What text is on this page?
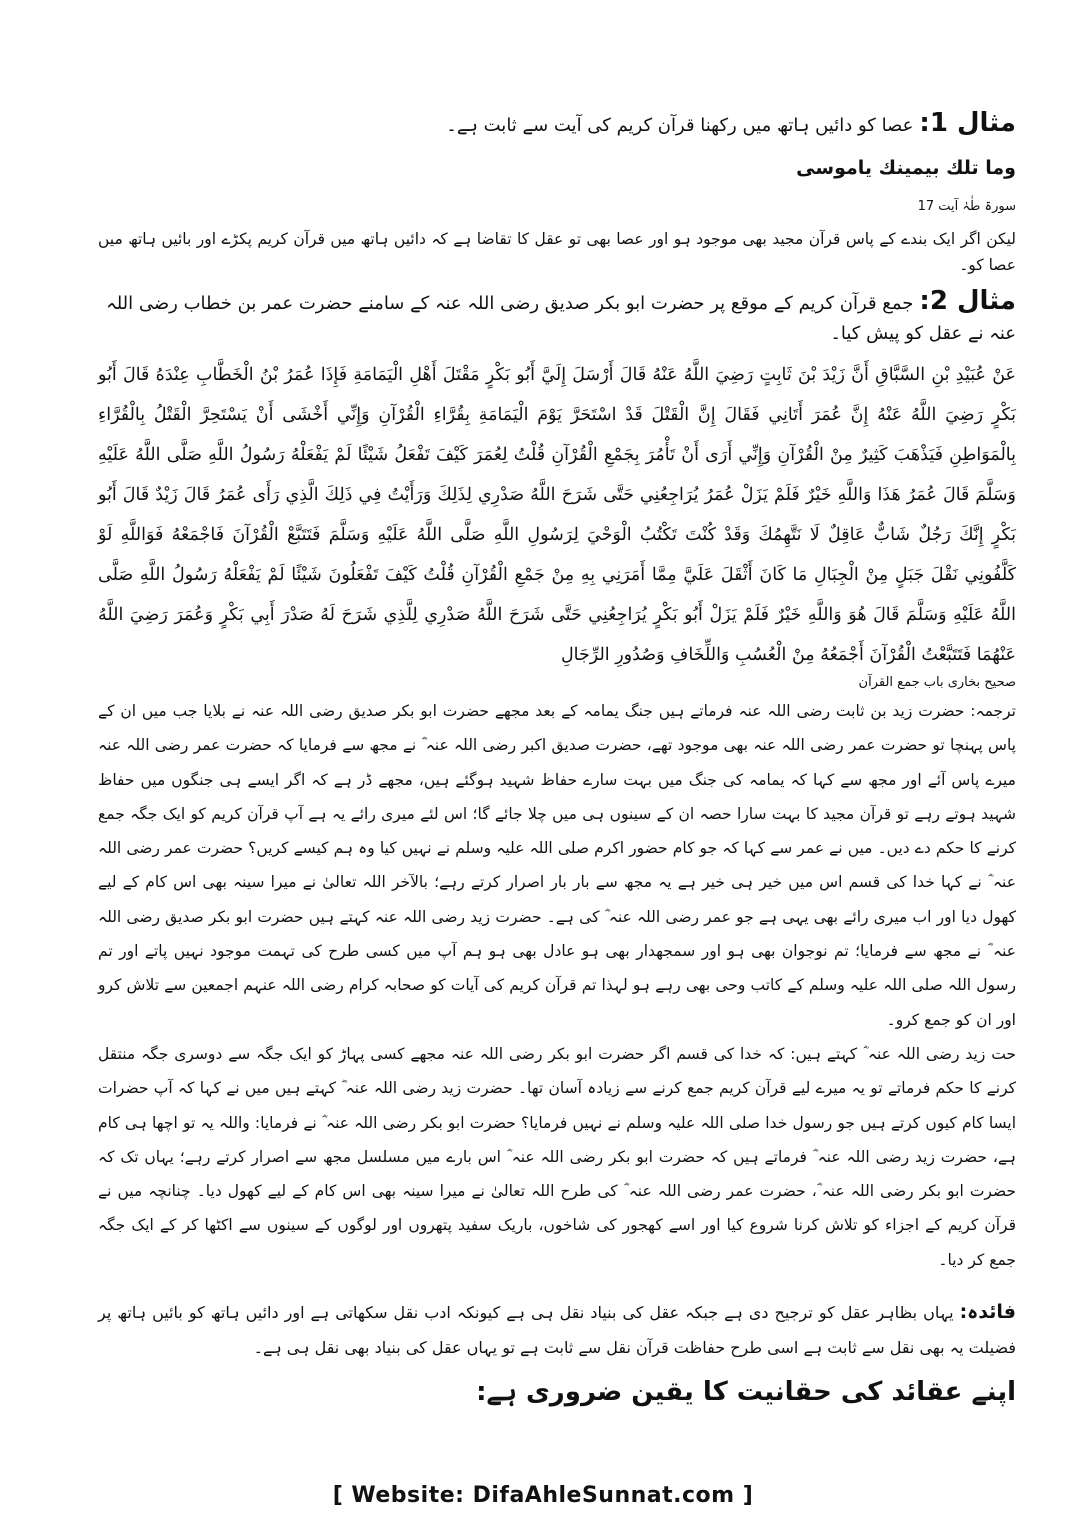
مثال 1:عصا کو دائیں ہاتھ میں رکھنا قرآن کریم کی آیت سے ثابت ہے۔

وما تلك بيمينك ياموسى

سورۃ طٰہٰ آیت 17

لیکن اگر ایک بندے کے پاس قرآن مجید بھی موجود ہو اور عصا بھی تو عقل کا تقاضا ہے کہ دائیں ہاتھ میں قرآن کریم پکڑے اور بائیں ہاتھ میں عصا کو۔

مثال 2:جمع قرآن کریم کے موقع پر حضرت ابو بکر صدیق رضی اللہ عنہ کے سامنے حضرت عمر بن خطاب رضی اللہ عنہ نے عقل کو پیش کیا۔

عَنْ عُبَيْدِ بْنِ السَّبَّاقِ أَنَّ زَيْدَ بْنَ ثَابِتٍ رَضِيَ اللَّهُ عَنْهُ قَالَ أَرْسَلَ إِلَيَّ أَبُو بَكْرٍ مَقْتَلَ أَهْلِ الْيَمَامَةِ فَإِذَا عُمَرُ بْنُ الْخَطَّابِ عِنْدَهُ قَالَ أَبُو بَكْرٍ رَضِيَ اللَّهُ عَنْهُ إِنَّ عُمَرَ أَتَانِي فَقَالَ إِنَّ الْقَتْلَ قَدْ اسْتَحَرَّ يَوْمَ الْيَمَامَةِ بِقُرَّاءِ الْقُرْآنِ وَإِنِّي أَخْشَى أَنْ يَسْتَحِرَّ الْقَتْلُ بِالْقُرَّاءِ بِالْمَوَاطِنِ فَيَذْهَبَ كَثِيرٌ مِنْ الْقُرْآنِ وَإِنِّي أَرَى أَنْ تَأْمُرَ بِجَمْعِ الْقُرْآنِ قُلْتُ لِعُمَرَ كَيْفَ تَفْعَلُ شَيْئًا لَمْ يَفْعَلْهُ رَسُولُ اللَّهِ صَلَّى اللَّهُ عَلَيْهِ وَسَلَّمَ قَالَ عُمَرُ هَذَا وَاللَّهِ خَيْرٌ فَلَمْ يَزَلْ عُمَرُ يُرَاجِعُنِي حَتَّى شَرَحَ اللَّهُ صَدْرِي لِذَلِكَ وَرَأَيْتُ فِي ذَلِكَ الَّذِي رَأَى عُمَرُ قَالَ زَيْدٌ قَالَ أَبُو بَكْرٍ إِنَّكَ رَجُلٌ شَابٌّ عَاقِلٌ لَا نَتَّهِمُكَ وَقَدْ كُنْتَ تَكْتُبُ الْوَحْيَ لِرَسُولِ اللَّهِ صَلَّى اللَّهُ عَلَيْهِ وَسَلَّمَ فَتَتَبَّعْ الْقُرْآنَ فَاجْمَعْهُ فَوَاللَّهِ لَوْ كَلَّفُونِي نَقْلَ جَبَلٍ مِنْ الْجِبَالِ مَا كَانَ أَثْقَلَ عَلَيَّ مِمَّا أَمَرَنِي بِهِ مِنْ جَمْعِ الْقُرْآنِ قُلْتُ كَيْفَ تَفْعَلُونَ شَيْئًا لَمْ يَفْعَلْهُ رَسُولُ اللَّهِ صَلَّى اللَّهُ عَلَيْهِ وَسَلَّمَ قَالَ هُوَ وَاللَّهِ خَيْرٌ فَلَمْ يَزَلْ أَبُو بَكْرٍ يُرَاجِعُنِي حَتَّى شَرَحَ اللَّهُ صَدْرِي لِلَّذِي شَرَحَ لَهُ صَدْرَ أَبِي بَكْرٍ وَعُمَرَ رَضِيَ اللَّهُ عَنْهُمَا فَتَتَبَّعْتُ الْقُرْآنَ أَجْمَعُهُ مِنْ الْعُسُبِ وَاللِّخَافِ وَصُدُورِ الرِّجَالِ

صحیح بخاری باب جمع القرآن

ترجمہ: حضرت زید بن ثابت رضی اللہ عنہ فرماتے ہیں جنگ یمامہ کے بعد مجھے حضرت ابو بکر صدیق رضی اللہ عنہ نے بلایا جب میں ان کے پاس پہنچا تو حضرت عمر رضی اللہ عنہ بھی موجود تھے، حضرت صدیق اکبر رضی اللہ عنہ ؓ نے مجھ سے فرمایا کہ حضرت عمر رضی اللہ عنہ میرے پاس آئے اور مجھ سے کہا کہ یمامہ کی جنگ میں بہت سارے حفاظ شہید ہوگئے ہیں، مجھے ڈر ہے کہ اگر ایسے ہی جنگوں میں حفاظ شہید ہوتے رہے تو قرآن مجید کا بہت سارا حصہ ان کے سینوں ہی میں چلا جائے گا؛ اس لئے میری رائے یہ ہے آپ قرآن کریم کو ایک جگہ جمع کرنے کا حکم دے دیں۔ میں نے عمر سے کہا کہ جو کام حضور اکرم صلی اللہ علیہ وسلم نے نہیں کیا وہ ہم کیسے کریں؟ حضرت عمر رضی اللہ عنہ ؓ نے کہا خدا کی قسم اس میں خیر ہی خیر ہے یہ مجھ سے بار بار اصرار کرتے رہے؛ بالآخر اللہ تعالیٰ نے میرا سینہ بھی اس کام کے لیے کھول دیا اور اب میری رائے بھی یہی ہے جو عمر رضی اللہ عنہ ؓ کی ہے۔ حضرت زید رضی اللہ عنہ کہتے ہیں حضرت ابو بکر صدیق رضی اللہ عنہ ؓ نے مجھ سے فرمایا؛ تم نوجوان بھی ہو اور سمجھدار بھی ہو عادل بھی ہو ہم آپ میں کسی طرح کی تہمت موجود نہیں پاتے اور تم رسول اللہ صلی اللہ علیہ وسلم کے کاتب وحی بھی رہے ہو لہذا تم قرآن کریم کی آیات کو صحابہ کرام رضی اللہ عنہم اجمعین سے تلاش کرو اور ان کو جمع کرو۔

حت زید رضی اللہ عنہ ؓ کہتے ہیں: کہ خدا کی قسم اگر حضرت ابو بکر رضی اللہ عنہ مجھے کسی پہاڑ کو ایک جگہ سے دوسری جگہ منتقل کرنے کا حکم فرماتے تو یہ میرے لیے قرآن کریم جمع کرنے سے زیادہ آسان تھا۔ حضرت زید رضی اللہ عنہ ؓ کہتے ہیں میں نے کہا کہ آپ حضرات ایسا کام کیوں کرتے ہیں جو رسول خدا صلی اللہ علیہ وسلم نے نہیں فرمایا؟ حضرت ابو بکر رضی اللہ عنہ ؓ نے فرمایا: واللہ یہ تو اچھا ہی کام ہے، حضرت زید رضی اللہ عنہ ؓ فرماتے ہیں کہ حضرت ابو بکر رضی اللہ عنہ ؓ اس بارے میں مسلسل مجھ سے اصرار کرتے رہے؛ یہاں تک کہ حضرت ابو بکر رضی اللہ عنہ ؓ، حضرت عمر رضی اللہ عنہ ؓ کی طرح اللہ تعالیٰ نے میرا سینہ بھی اس کام کے لیے کھول دیا۔ چنانچہ میں نے قرآن کریم کے اجزاء کو تلاش کرنا شروع کیا اور اسے کھجور کی شاخوں، باریک سفید پتھروں اور لوگوں کے سینوں سے اکٹھا کر کے ایک جگہ جمع کر دیا۔

فائدہ:یہاں بظاہر عقل کو ترجیح دی ہے جبکہ عقل کی بنیاد نقل ہی ہے کیونکہ ادب نقل سکھاتی ہے اور دائیں ہاتھ کو بائیں ہاتھ پر فضیلت یہ بھی نقل سے ثابت ہے اسی طرح حفاظت قرآن نقل سے ثابت ہے تو یہاں عقل کی بنیاد بھی نقل ہی ہے۔

اپنے عقائد کی حقانیت کا یقین ضروری ہے:

[ Website: DifaAhleSunnat.com ]
